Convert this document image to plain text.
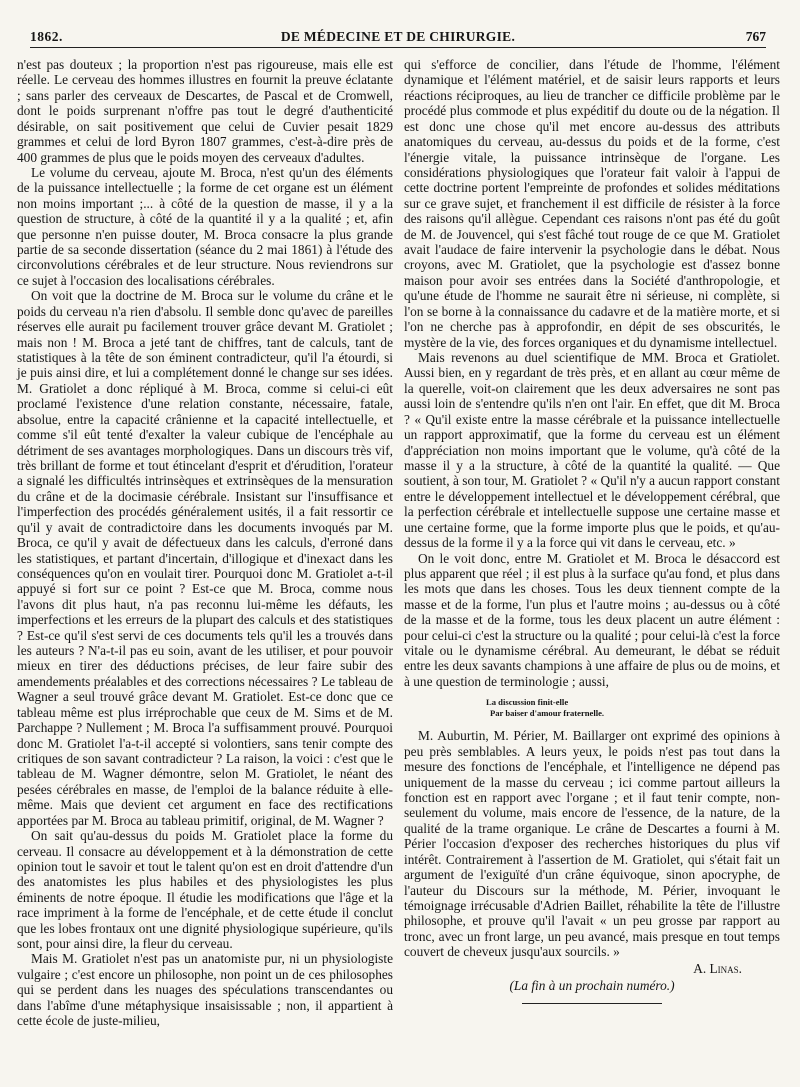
1862.	DE MÉDECINE ET DE CHIRURGIE.	767

n'est pas douteux ; la proportion n'est pas rigoureuse, mais elle est réelle. Le cerveau des hommes illustres en fournit la preuve éclatante ; sans parler des cerveaux de Descartes, de Pascal et de Cromwell, dont le poids surprenant n'offre pas tout le degré d'authenticité désirable, on sait positivement que celui de Cuvier pesait 1829 grammes et celui de lord Byron 1807 grammes, c'est-à-dire près de 400 grammes de plus que le poids moyen des cerveaux d'adultes.

Le volume du cerveau, ajoute M. Broca, n'est qu'un des éléments de la puissance intellectuelle ; la forme de cet organe est un élément non moins important ;... à côté de la question de masse, il y a la question de structure, à côté de la quantité il y a la qualité ; et, afin que personne n'en puisse douter, M. Broca consacre la plus grande partie de sa seconde dissertation (séance du 2 mai 1861) à l'étude des circonvolutions cérébrales et de leur structure. Nous reviendrons sur ce sujet à l'occasion des localisations cérébrales.

On voit que la doctrine de M. Broca sur le volume du crâne et le poids du cerveau n'a rien d'absolu. Il semble donc qu'avec de pareilles réserves elle aurait pu facilement trouver grâce devant M. Gratiolet ; mais non ! M. Broca a jeté tant de chiffres, tant de calculs, tant de statistiques à la tête de son éminent contradicteur, qu'il l'a étourdi, si je puis ainsi dire, et lui a complétement donné le change sur ses idées. M. Gratiolet a donc répliqué à M. Broca, comme si celui-ci eût proclamé l'existence d'une relation constante, nécessaire, fatale, absolue, entre la capacité crânienne et la capacité intellectuelle, et comme s'il eût tenté d'exalter la valeur cubique de l'encéphale au détriment de ses avantages morphologiques. Dans un discours très vif, très brillant de forme et tout étincelant d'esprit et d'érudition, l'orateur a signalé les difficultés intrinsèques et extrinsèques de la mensuration du crâne et de la docimasie cérébrale. Insistant sur l'insuffisance et l'imperfection des procédés généralement usités, il a fait ressortir ce qu'il y avait de contradictoire dans les documents invoqués par M. Broca, ce qu'il y avait de défectueux dans les calculs, d'erroné dans les statistiques, et partant d'incertain, d'illogique et d'inexact dans les conséquences qu'on en voulait tirer. Pourquoi donc M. Gratiolet a-t-il appuyé si fort sur ce point ? Est-ce que M. Broca, comme nous l'avons dit plus haut, n'a pas reconnu lui-même les défauts, les imperfections et les erreurs de la plupart des calculs et des statistiques ? Est-ce qu'il s'est servi de ces documents tels qu'il les a trouvés dans les auteurs ? N'a-t-il pas eu soin, avant de les utiliser, et pour pouvoir mieux en tirer des déductions précises, de leur faire subir des amendements préalables et des corrections nécessaires ? Le tableau de Wagner a seul trouvé grâce devant M. Gratiolet. Est-ce donc que ce tableau même est plus irréprochable que ceux de M. Sims et de M. Parchappe ? Nullement ; M. Broca l'a suffisamment prouvé. Pourquoi donc M. Gratiolet l'a-t-il accepté si volontiers, sans tenir compte des critiques de son savant contradicteur ? La raison, la voici : c'est que le tableau de M. Wagner démontre, selon M. Gratiolet, le néant des pesées cérébrales en masse, de l'emploi de la balance réduite à elle-même. Mais que devient cet argument en face des rectifications apportées par M. Broca au tableau primitif, original, de M. Wagner ?

On sait qu'au-dessus du poids M. Gratiolet place la forme du cerveau. Il consacre au développement et à la démonstration de cette opinion tout le savoir et tout le talent qu'on est en droit d'attendre d'un des anatomistes les plus habiles et des physiologistes les plus éminents de notre époque. Il étudie les modifications que l'âge et la race impriment à la forme de l'encéphale, et de cette étude il conclut que les lobes frontaux ont une dignité physiologique supérieure, qu'ils sont, pour ainsi dire, la fleur du cerveau.

Mais M. Gratiolet n'est pas un anatomiste pur, ni un physiologiste vulgaire ; c'est encore un philosophe, non point un de ces philosophes qui se perdent dans les nuages des spéculations transcendantes ou dans l'abîme d'une métaphysique insaisissable ; non, il appartient à cette école de juste-milieu,

qui s'efforce de concilier, dans l'étude de l'homme, l'élément dynamique et l'élément matériel, et de saisir leurs rapports et leurs réactions réciproques, au lieu de trancher ce difficile problème par le procédé plus commode et plus expéditif du doute ou de la négation. Il est donc une chose qu'il met encore au-dessus des attributs anatomiques du cerveau, au-dessus du poids et de la forme, c'est l'énergie vitale, la puissance intrinsèque de l'organe. Les considérations physiologiques que l'orateur fait valoir à l'appui de cette doctrine portent l'empreinte de profondes et solides méditations sur ce grave sujet, et franchement il est difficile de résister à la force des raisons qu'il allègue. Cependant ces raisons n'ont pas été du goût de M. de Jouvencel, qui s'est fâché tout rouge de ce que M. Gratiolet avait l'audace de faire intervenir la psychologie dans le débat. Nous croyons, avec M. Gratiolet, que la psychologie est d'assez bonne maison pour avoir ses entrées dans la Société d'anthropologie, et qu'une étude de l'homme ne saurait être ni sérieuse, ni complète, si l'on se borne à la connaissance du cadavre et de la matière morte, et si l'on ne cherche pas à approfondir, en dépit de ses obscurités, le mystère de la vie, des forces organiques et du dynamisme intellectuel.

Mais revenons au duel scientifique de MM. Broca et Gratiolet. Aussi bien, en y regardant de très près, et en allant au cœur même de la querelle, voit-on clairement que les deux adversaires ne sont pas aussi loin de s'entendre qu'ils n'en ont l'air. En effet, que dit M. Broca ? « Qu'il existe entre la masse cérébrale et la puissance intellectuelle un rapport approximatif, que la forme du cerveau est un élément d'appréciation non moins important que le volume, qu'à côté de la masse il y a la structure, à côté de la quantité la qualité. — Que soutient, à son tour, M. Gratiolet ? « Qu'il n'y a aucun rapport constant entre le développement intellectuel et le développement cérébral, que la perfection cérébrale et intellectuelle suppose une certaine masse et une certaine forme, que la forme importe plus que le poids, et qu'au-dessus de la forme il y a la force qui vit dans le cerveau, etc. »

On le voit donc, entre M. Gratiolet et M. Broca le désaccord est plus apparent que réel ; il est plus à la surface qu'au fond, et plus dans les mots que dans les choses. Tous les deux tiennent compte de la masse et de la forme, l'un plus et l'autre moins ; au-dessus ou à côté de la masse et de la forme, tous les deux placent un autre élément : pour celui-ci c'est la structure ou la qualité ; pour celui-là c'est la force vitale ou le dynamisme cérébral. Au demeurant, le débat se réduit entre les deux savants champions à une affaire de plus ou de moins, et à une question de terminologie ; aussi,

La discussion finit-elle
Par baiser d'amour fraternelle.

M. Auburtin, M. Périer, M. Baillarger ont exprimé des opinions à peu près semblables. A leurs yeux, le poids n'est pas tout dans la mesure des fonctions de l'encéphale, et l'intelligence ne dépend pas uniquement de la masse du cerveau ; ici comme partout ailleurs la fonction est en rapport avec l'organe ; et il faut tenir compte, non-seulement du volume, mais encore de l'essence, de la nature, de la qualité de la trame organique. Le crâne de Descartes a fourni à M. Périer l'occasion d'exposer des recherches historiques du plus vif intérêt. Contrairement à l'assertion de M. Gratiolet, qui s'était fait un argument de l'exiguïté d'un crâne équivoque, sinon apocryphe, de l'auteur du Discours sur la méthode, M. Périer, invoquant le témoignage irrécusable d'Adrien Baillet, réhabilite la tête de l'illustre philosophe, et prouve qu'il l'avait « un peu grosse par rapport au tronc, avec un front large, un peu avancé, mais presque en tout temps couvert de cheveux jusqu'aux sourcils. »

A. Linas.
(La fin à un prochain numéro.)
